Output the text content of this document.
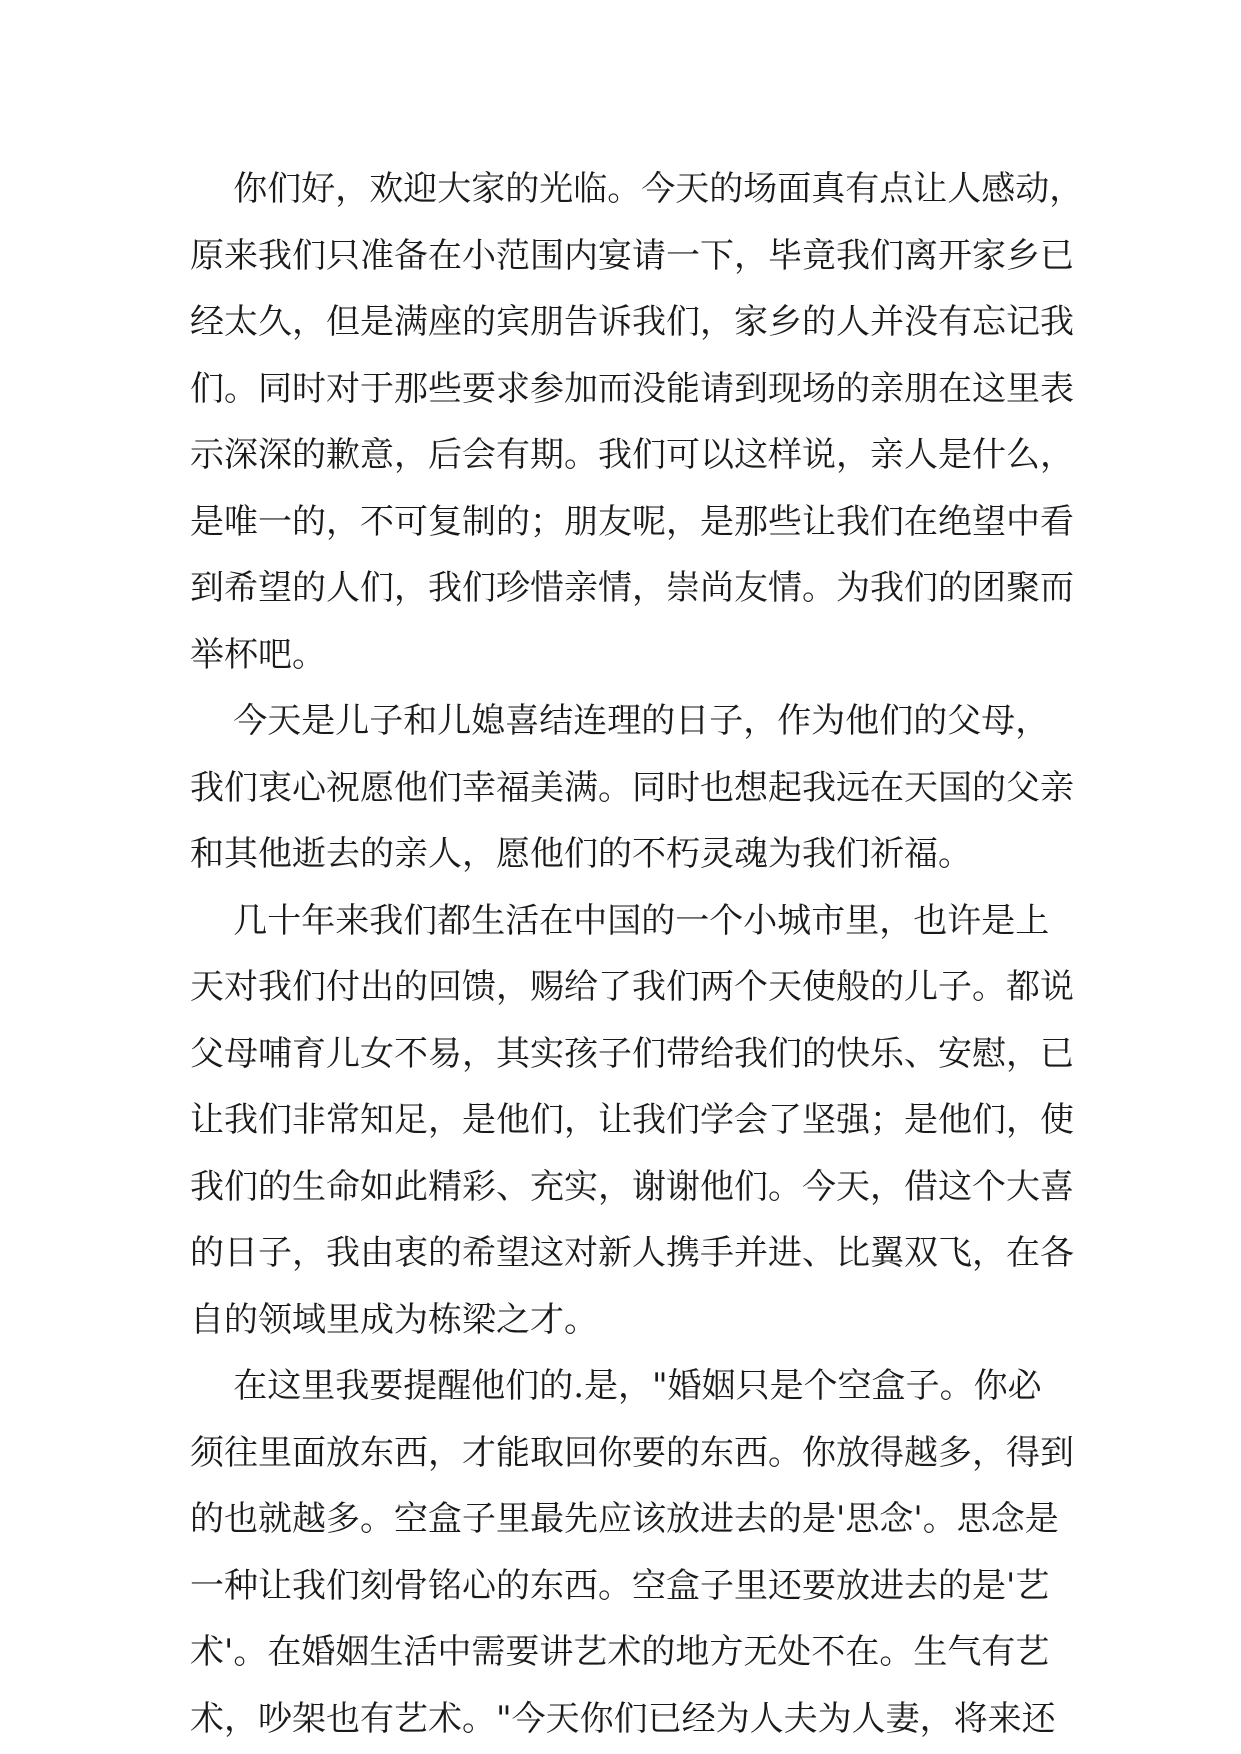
你们好，欢迎大家的光临。今天的场面真有点让人感动，
原来我们只准备在小范围内宴请一下，毕竟我们离开家乡已
经太久，但是满座的宾朋告诉我们，家乡的人并没有忘记我
们。同时对于那些要求参加而没能请到现场的亲朋在这里表
示深深的歉意，后会有期。我们可以这样说，亲人是什么，
是唯一的，不可复制的；朋友呢，是那些让我们在绝望中看
到希望的人们，我们珍惜亲情，崇尚友情。为我们的团聚而
举杯吧。
今天是儿子和儿媳喜结连理的日子，作为他们的父母，
我们衷心祝愿他们幸福美满。同时也想起我远在天国的父亲
和其他逝去的亲人，愿他们的不朽灵魂为我们祈福。
几十年来我们都生活在中国的一个小城市里，也许是上
天对我们付出的回馈，赐给了我们两个天使般的儿子。都说
父母哺育儿女不易，其实孩子们带给我们的快乐、安慰，已
让我们非常知足，是他们，让我们学会了坚强；是他们，使
我们的生命如此精彩、充实，谢谢他们。今天，借这个大喜
的日子，我由衷的希望这对新人携手并进、比翼双飞，在各
自的领域里成为栋梁之才。
在这里我要提醒他们的.是，"婚姻只是个空盒子。你必
须往里面放东西，才能取回你要的东西。你放得越多，得到
的也就越多。空盒子里最先应该放进去的是'思念'。思念是
一种让我们刻骨铭心的东西。空盒子里还要放进去的是'艺
术'。在婚姻生活中需要讲艺术的地方无处不在。生气有艺
术，吵架也有艺术。"今天你们已经为人夫为人妻，将来还
